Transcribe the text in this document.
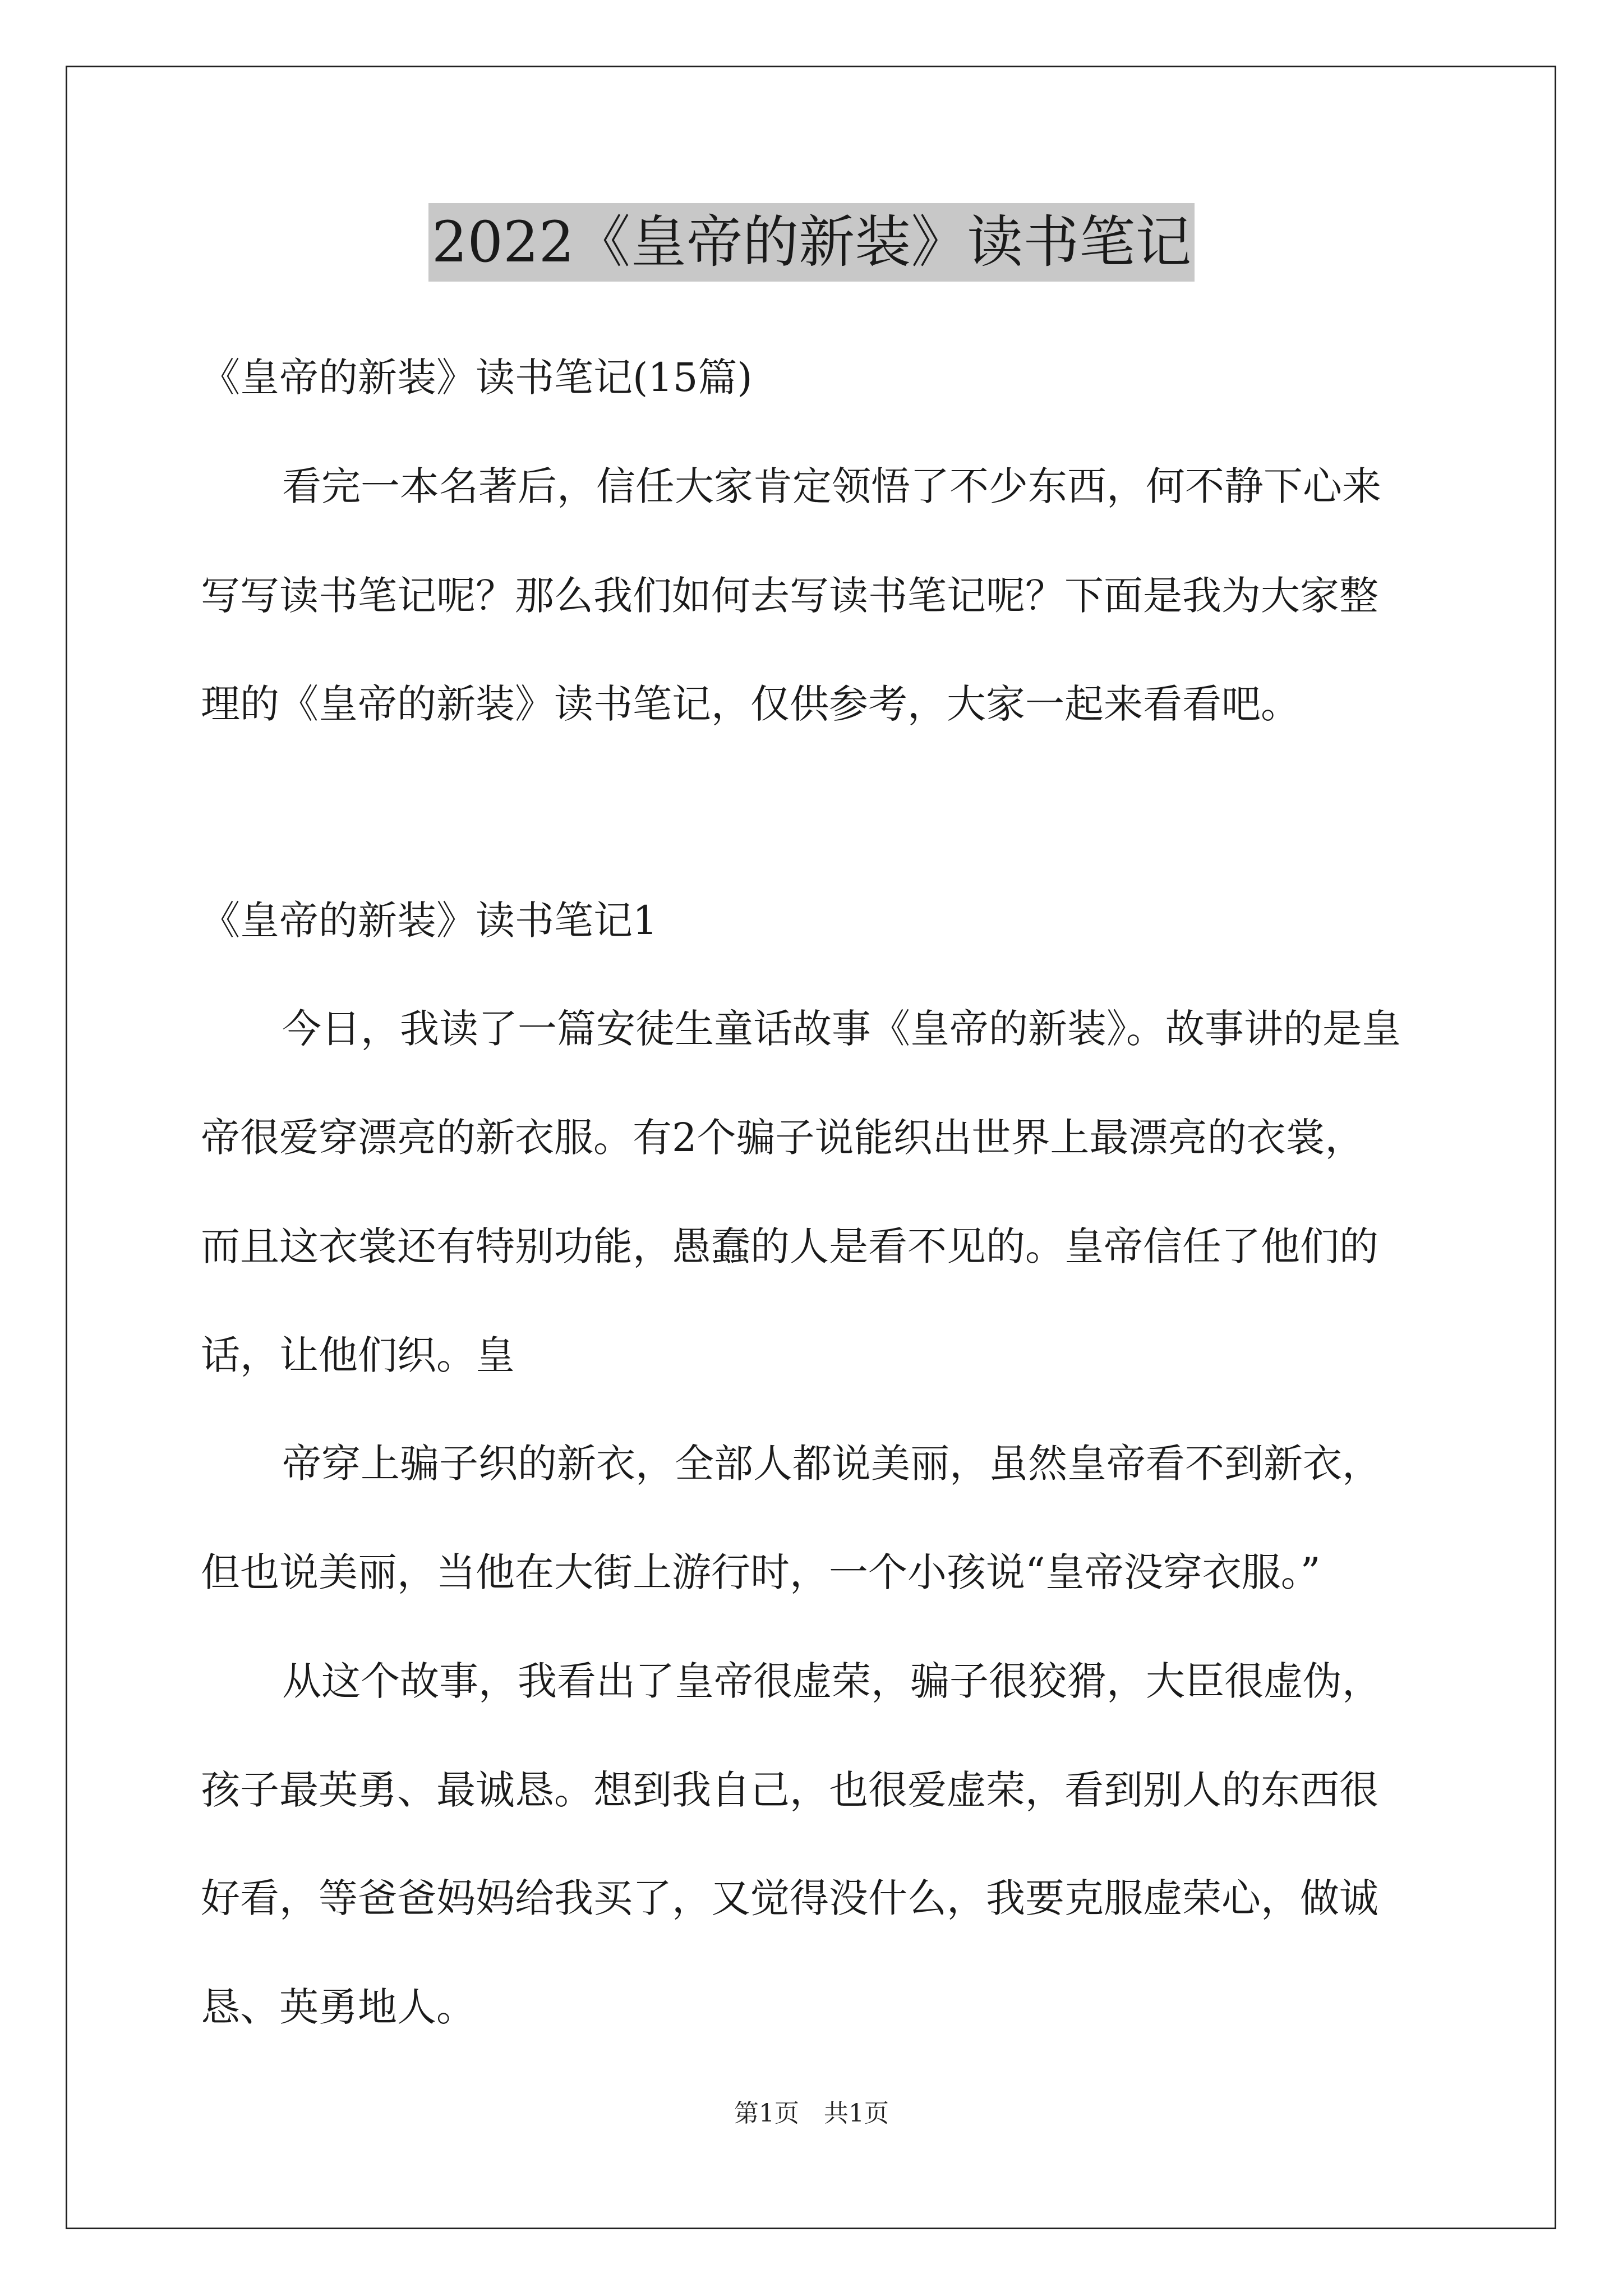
2022《皇帝的新装》读书笔记
《皇帝的新装》读书笔记(15篇)
看完一本名著后，信任大家肯定领悟了不少东西，何不静下心来
写写读书笔记呢？那么我们如何去写读书笔记呢？下面是我为大家整
理的《皇帝的新装》读书笔记，仅供参考，大家一起来看看吧。
《皇帝的新装》读书笔记1
今日，我读了一篇安徒生童话故事《皇帝的新装》。故事讲的是皇
帝很爱穿漂亮的新衣服。有2个骗子说能织出世界上最漂亮的衣裳，
而且这衣裳还有特别功能，愚蠢的人是看不见的。皇帝信任了他们的
话，让他们织。皇
帝穿上骗子织的新衣，全部人都说美丽，虽然皇帝看不到新衣，
但也说美丽，当他在大街上游行时，一个小孩说“皇帝没穿衣服。”
从这个故事，我看出了皇帝很虚荣，骗子很狡猾，大臣很虚伪，
孩子最英勇、最诚恳。想到我自己，也很爱虚荣，看到别人的东西很
好看，等爸爸妈妈给我买了，又觉得没什么，我要克服虚荣心，做诚
恳、英勇地人。
第1页　共1页
